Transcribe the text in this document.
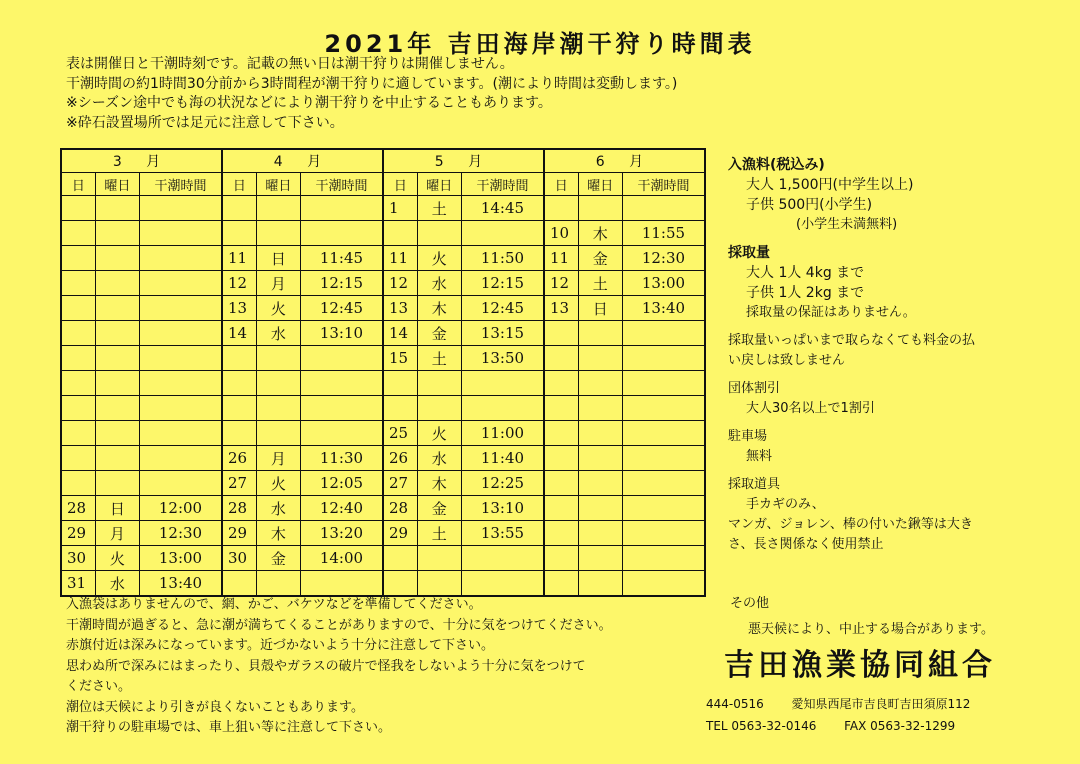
2021年 吉田海岸潮干狩り時間表
表は開催日と干潮時刻です。記載の無い日は潮干狩りは開催しません。
干潮時間の約1時間30分前から3時間程が潮干狩りに適しています。(潮により時間は変動します。)
※シーズン途中でも海の状況などにより潮干狩りを中止することもあります。
※砕石設置場所では足元に注意して下さい。
3 月			4 月			5 月			6 月		
日	曜日	干潮時間	日	曜日	干潮時間	日	曜日	干潮時間	日	曜日	干潮時間
						1	土	14:45			
									10	木	11:55
			11	日	11:45	11	火	11:50	11	金	12:30
			12	月	12:15	12	水	12:15	12	土	13:00
			13	火	12:45	13	木	12:45	13	日	13:40
			14	水	13:10	14	金	13:15			
						15	土	13:50			

						25	火	11:00			
			26	月	11:30	26	水	11:40			
			27	火	12:05	27	木	12:25			
28	日	12:00	28	水	12:40	28	金	13:10			
29	月	12:30	29	木	13:20	29	土	13:55			
30	火	13:00	30	金	14:00						
31	水	13:40									
入漁料(税込み)
大人 1,500円(中学生以上)
子供 500円(小学生)
(小学生未満無料)
採取量
大人 1人 4kg まで
子供 1人 2kg まで
採取量の保証はありません。
採取量いっぱいまで取らなくても料金の払
い戻しは致しません
団体割引
大人30名以上で1割引
駐車場
無料
採取道具
手カギのみ、
マンガ、ジョレン、棒の付いた鍬等は大き
さ、長さ関係なく使用禁止
入漁袋はありませんので、網、かご、バケツなどを準備してください。
干潮時間が過ぎると、急に潮が満ちてくることがありますので、十分に気をつけてください。
赤旗付近は深みになっています。近づかないよう十分に注意して下さい。
思わぬ所で深みにはまったり、貝殻やガラスの破片で怪我をしないよう十分に気をつけて
ください。
潮位は天候により引きが良くないこともあります。
潮干狩りの駐車場では、車上狙い等に注意して下さい。
その他
悪天候により、中止する場合があります。
吉田漁業協同組合
444-0516 愛知県西尾市吉良町吉田須原112
TEL 0563-32-0146 FAX 0563-32-1299
